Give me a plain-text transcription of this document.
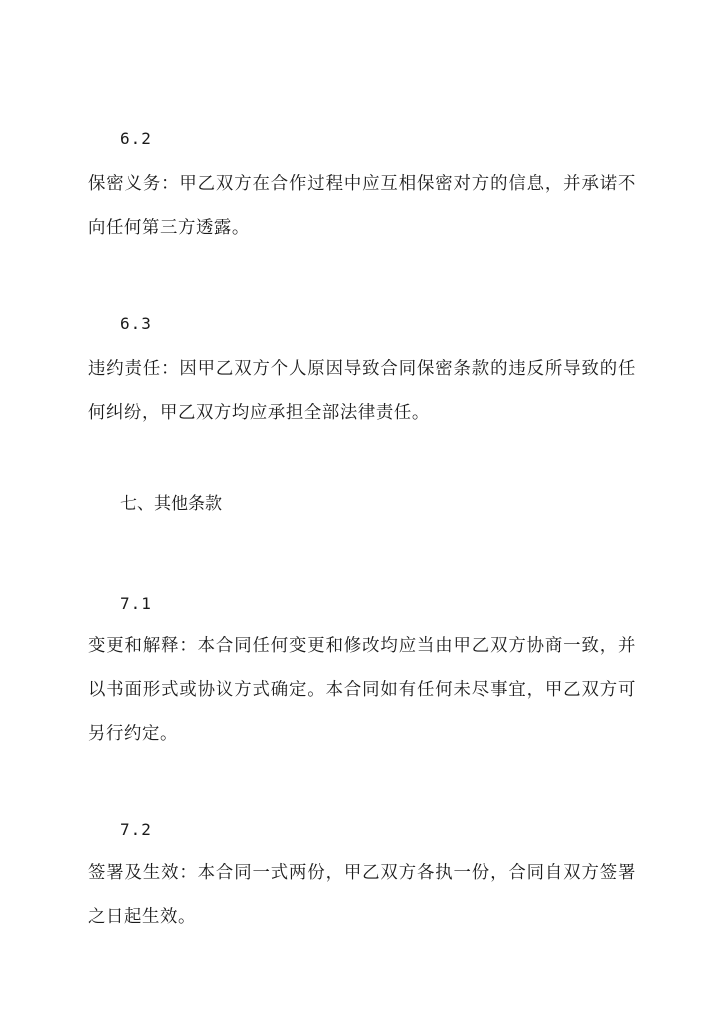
6.2
保密义务：甲乙双方在合作过程中应互相保密对方的信息，并承诺不向任何第三方透露。
6.3
违约责任：因甲乙双方个人原因导致合同保密条款的违反所导致的任何纠纷，甲乙双方均应承担全部法律责任。
七、其他条款
7.1
变更和解释：本合同任何变更和修改均应当由甲乙双方协商一致，并以书面形式或协议方式确定。本合同如有任何未尽事宜，甲乙双方可另行约定。
7.2
签署及生效：本合同一式两份，甲乙双方各执一份，合同自双方签署之日起生效。
